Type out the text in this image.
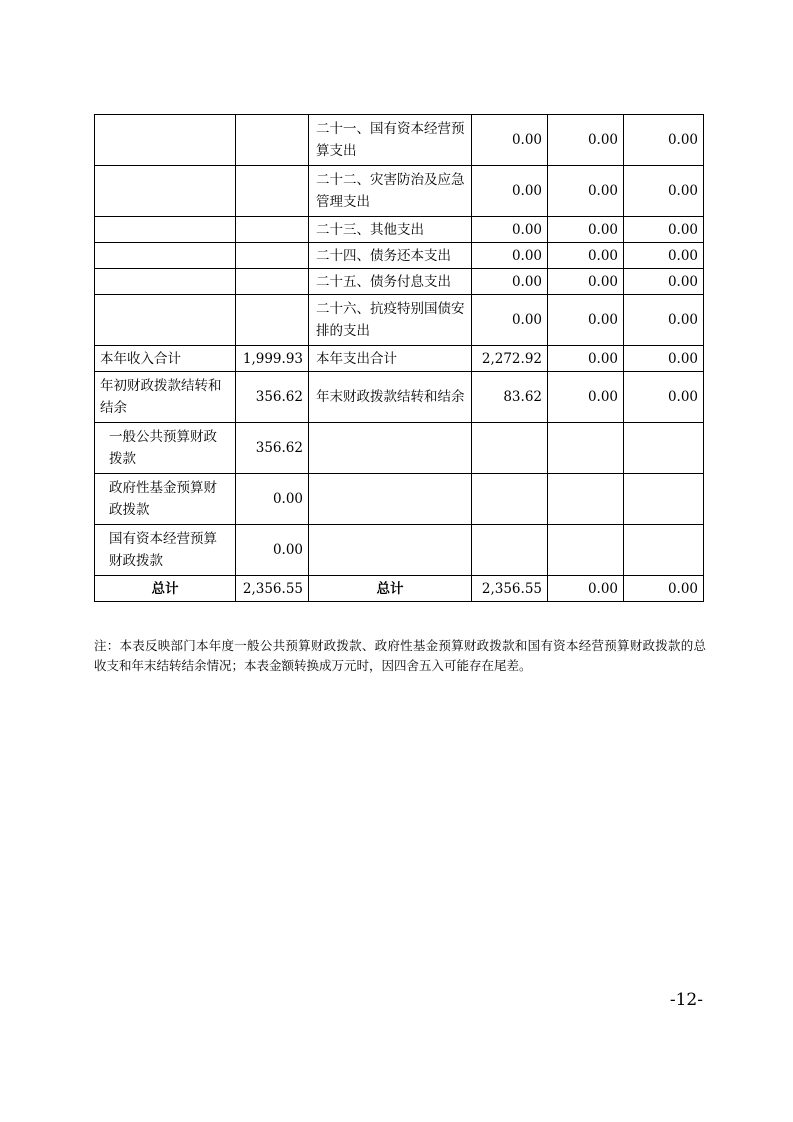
		二十一、国有资本经营预算支出	0.00	0.00	0.00
		二十二、灾害防治及应急管理支出	0.00	0.00	0.00
		二十三、其他支出	0.00	0.00	0.00
		二十四、债务还本支出	0.00	0.00	0.00
		二十五、债务付息支出	0.00	0.00	0.00
		二十六、抗疫特别国债安排的支出	0.00	0.00	0.00
本年收入合计	1,999.93	本年支出合计	2,272.92	0.00	0.00
年初财政拨款结转和结余	356.62	年末财政拨款结转和结余	83.62	0.00	0.00
一般公共预算财政拨款	356.62				
政府性基金预算财政拨款	0.00				
国有资本经营预算财政拨款	0.00				
总计	2,356.55	总计	2,356.55	0.00	0.00
注：本表反映部门本年度一般公共预算财政拨款、政府性基金预算财政拨款和国有资本经营预算财政拨款的总收支和年末结转结余情况；本表金额转换成万元时，因四舍五入可能存在尾差。
-12-
